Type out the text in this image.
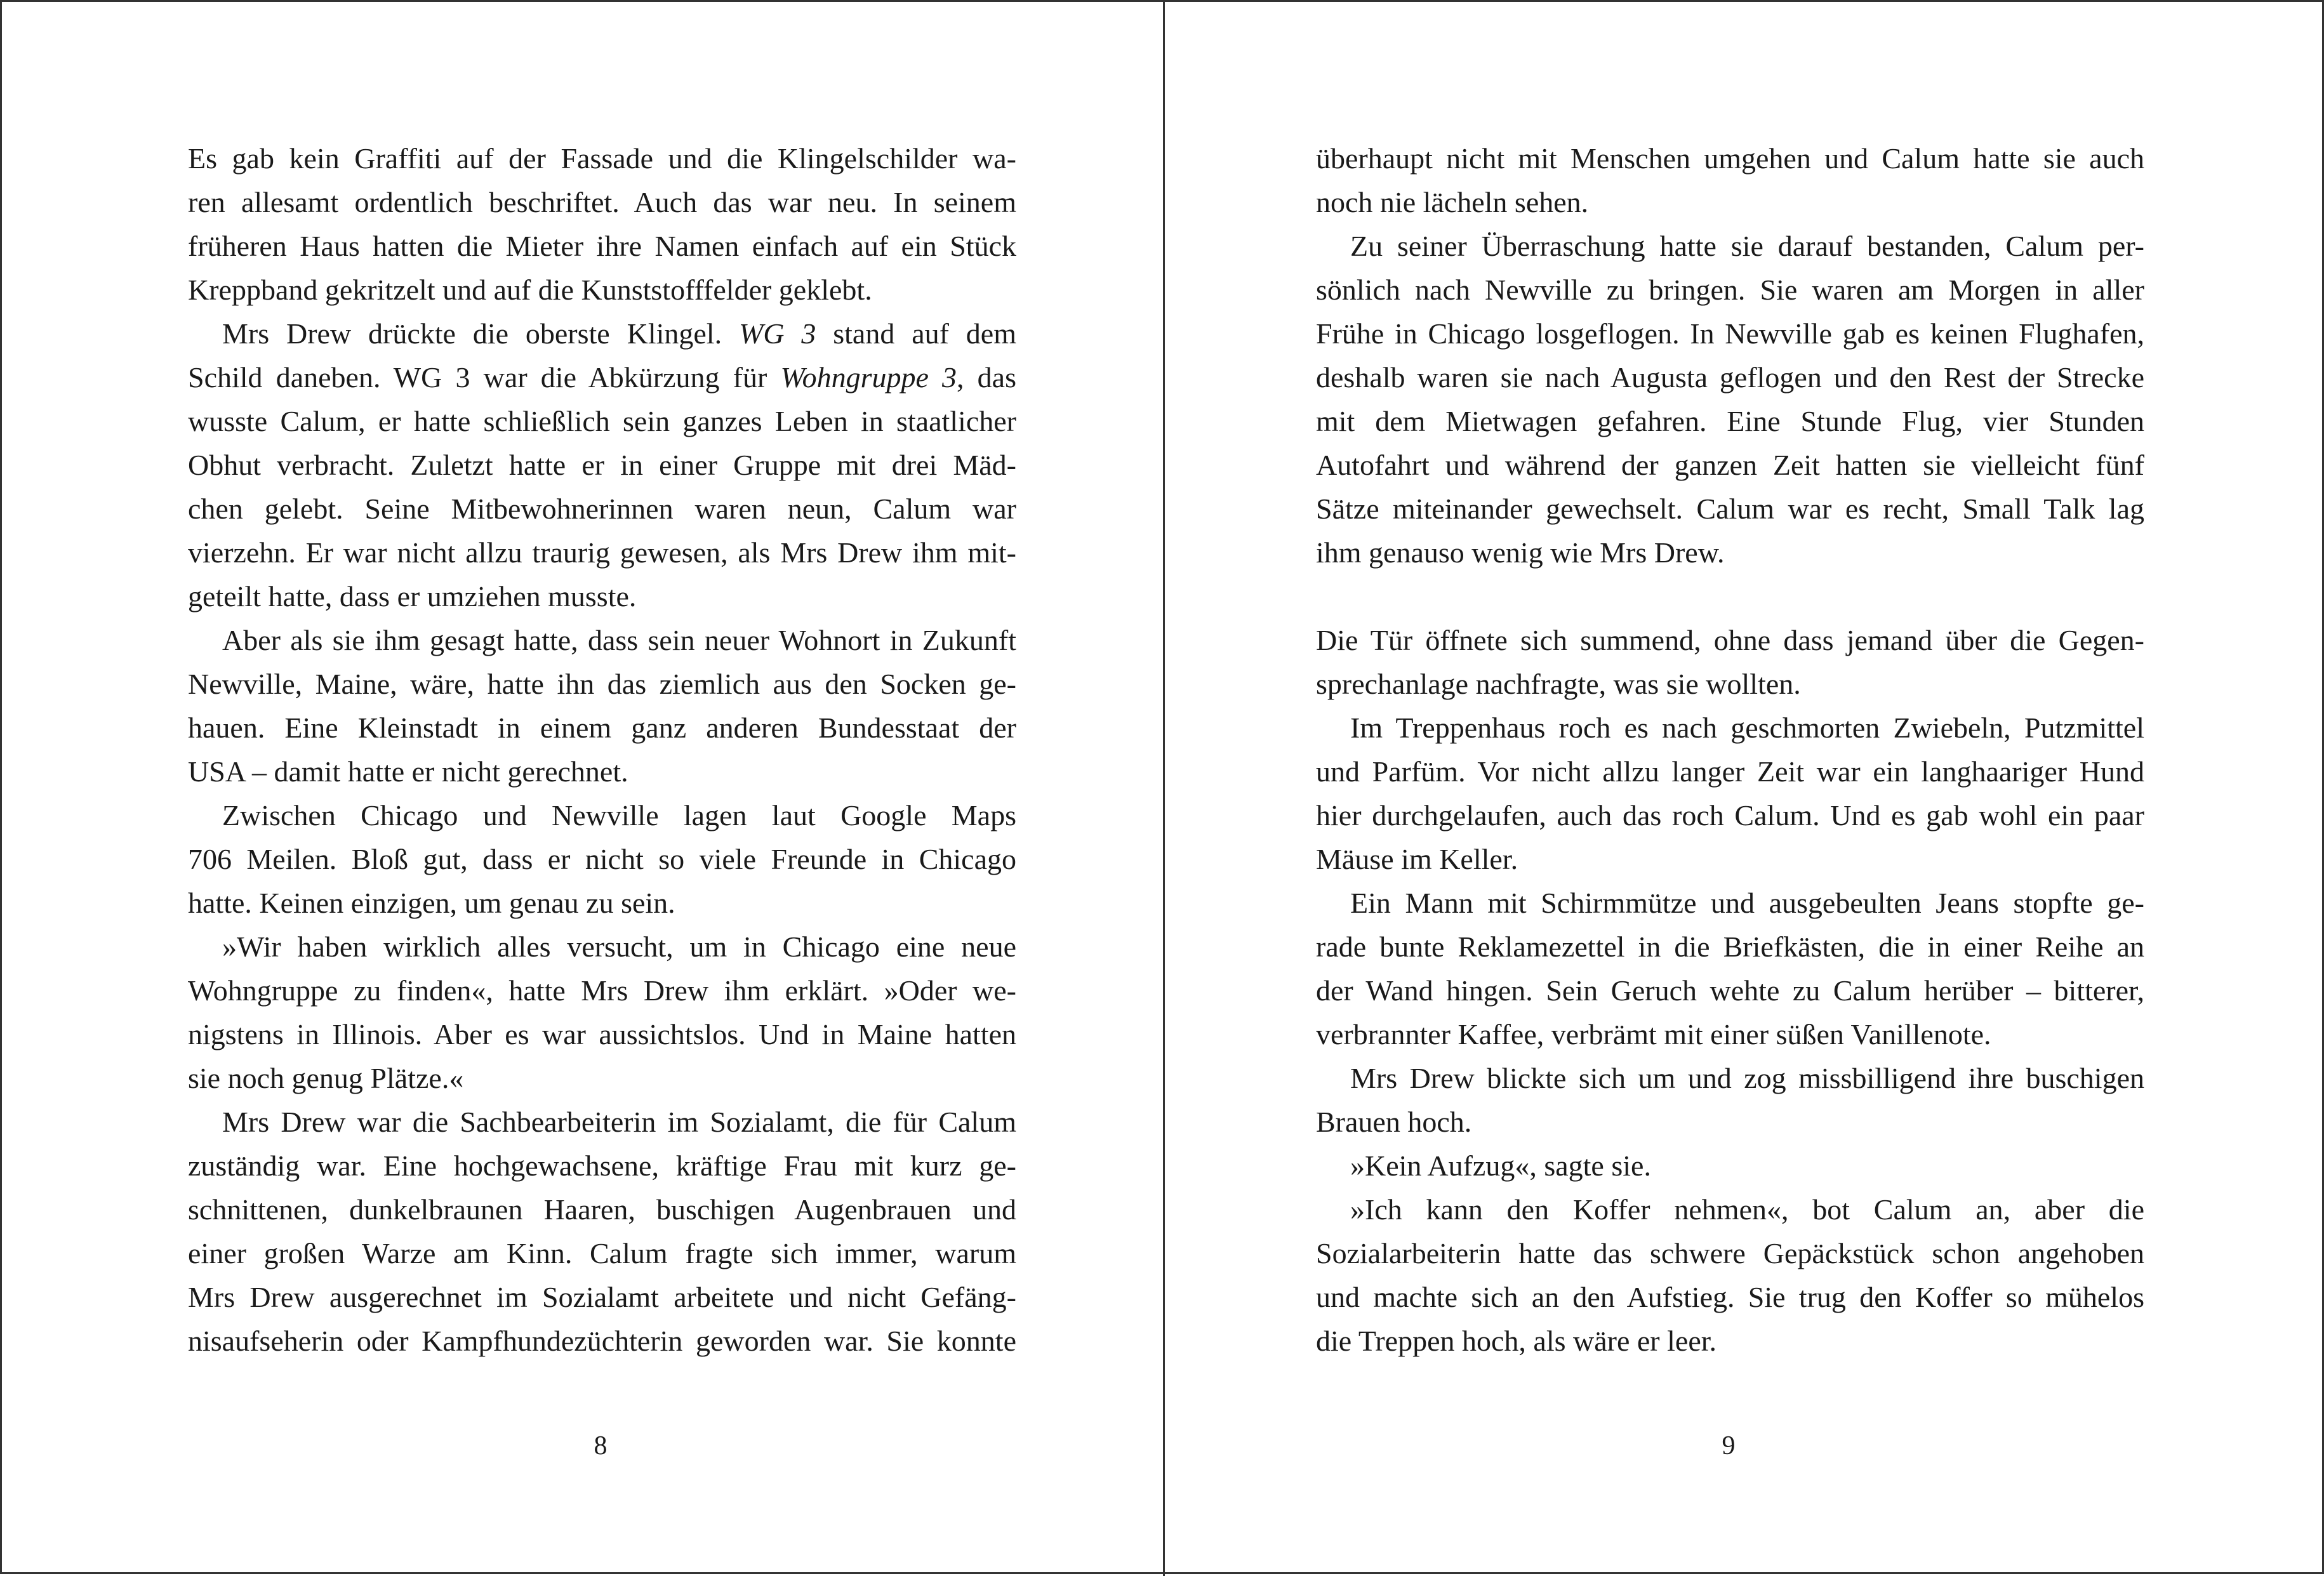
Es gab kein Graffiti auf der Fassade und die Klingelschilder wa-
ren allesamt ordentlich beschriftet. Auch das war neu. In seinem
früheren Haus hatten die Mieter ihre Namen einfach auf ein Stück
Kreppband gekritzelt und auf die Kunststofffelder geklebt.
Mrs Drew drückte die oberste Klingel. WG 3 stand auf dem
Schild daneben. WG 3 war die Abkürzung für Wohngruppe 3, das
wusste Calum, er hatte schließlich sein ganzes Leben in staatlicher
Obhut verbracht. Zuletzt hatte er in einer Gruppe mit drei Mäd-
chen gelebt. Seine Mitbewohnerinnen waren neun, Calum war
vierzehn. Er war nicht allzu traurig gewesen, als Mrs Drew ihm mit-
geteilt hatte, dass er umziehen musste.
Aber als sie ihm gesagt hatte, dass sein neuer Wohnort in Zukunft
Newville, Maine, wäre, hatte ihn das ziemlich aus den Socken ge-
hauen. Eine Kleinstadt in einem ganz anderen Bundesstaat der
USA – damit hatte er nicht gerechnet.
Zwischen Chicago und Newville lagen laut Google Maps
706 Meilen. Bloß gut, dass er nicht so viele Freunde in Chicago
hatte. Keinen einzigen, um genau zu sein.
»Wir haben wirklich alles versucht, um in Chicago eine neue
Wohngruppe zu finden«, hatte Mrs Drew ihm erklärt. »Oder we-
nigstens in Illinois. Aber es war aussichtslos. Und in Maine hatten
sie noch genug Plätze.«
Mrs Drew war die Sachbearbeiterin im Sozialamt, die für Calum
zuständig war. Eine hochgewachsene, kräftige Frau mit kurz ge-
schnittenen, dunkelbraunen Haaren, buschigen Augenbrauen und
einer großen Warze am Kinn. Calum fragte sich immer, warum
Mrs Drew ausgerechnet im Sozialamt arbeitete und nicht Gefäng-
nisaufseherin oder Kampfhundezüchterin geworden war. Sie konnte
8
überhaupt nicht mit Menschen umgehen und Calum hatte sie auch
noch nie lächeln sehen.
Zu seiner Überraschung hatte sie darauf bestanden, Calum per-
sönlich nach Newville zu bringen. Sie waren am Morgen in aller
Frühe in Chicago losgeflogen. In Newville gab es keinen Flughafen,
deshalb waren sie nach Augusta geflogen und den Rest der Strecke
mit dem Mietwagen gefahren. Eine Stunde Flug, vier Stunden
Autofahrt und während der ganzen Zeit hatten sie vielleicht fünf
Sätze miteinander gewechselt. Calum war es recht, Small Talk lag
ihm genauso wenig wie Mrs Drew.
Die Tür öffnete sich summend, ohne dass jemand über die Gegen-
sprechanlage nachfragte, was sie wollten.
Im Treppenhaus roch es nach geschmorten Zwiebeln, Putzmittel
und Parfüm. Vor nicht allzu langer Zeit war ein langhaariger Hund
hier durchgelaufen, auch das roch Calum. Und es gab wohl ein paar
Mäuse im Keller.
Ein Mann mit Schirmmütze und ausgebeulten Jeans stopfte ge-
rade bunte Reklamezettel in die Briefkästen, die in einer Reihe an
der Wand hingen. Sein Geruch wehte zu Calum herüber – bitterer,
verbrannter Kaffee, verbrämt mit einer süßen Vanillenote.
Mrs Drew blickte sich um und zog missbilligend ihre buschigen
Brauen hoch.
»Kein Aufzug«, sagte sie.
»Ich kann den Koffer nehmen«, bot Calum an, aber die
Sozialarbeiterin hatte das schwere Gepäckstück schon angehoben
und machte sich an den Aufstieg. Sie trug den Koffer so mühelos
die Treppen hoch, als wäre er leer.
9
